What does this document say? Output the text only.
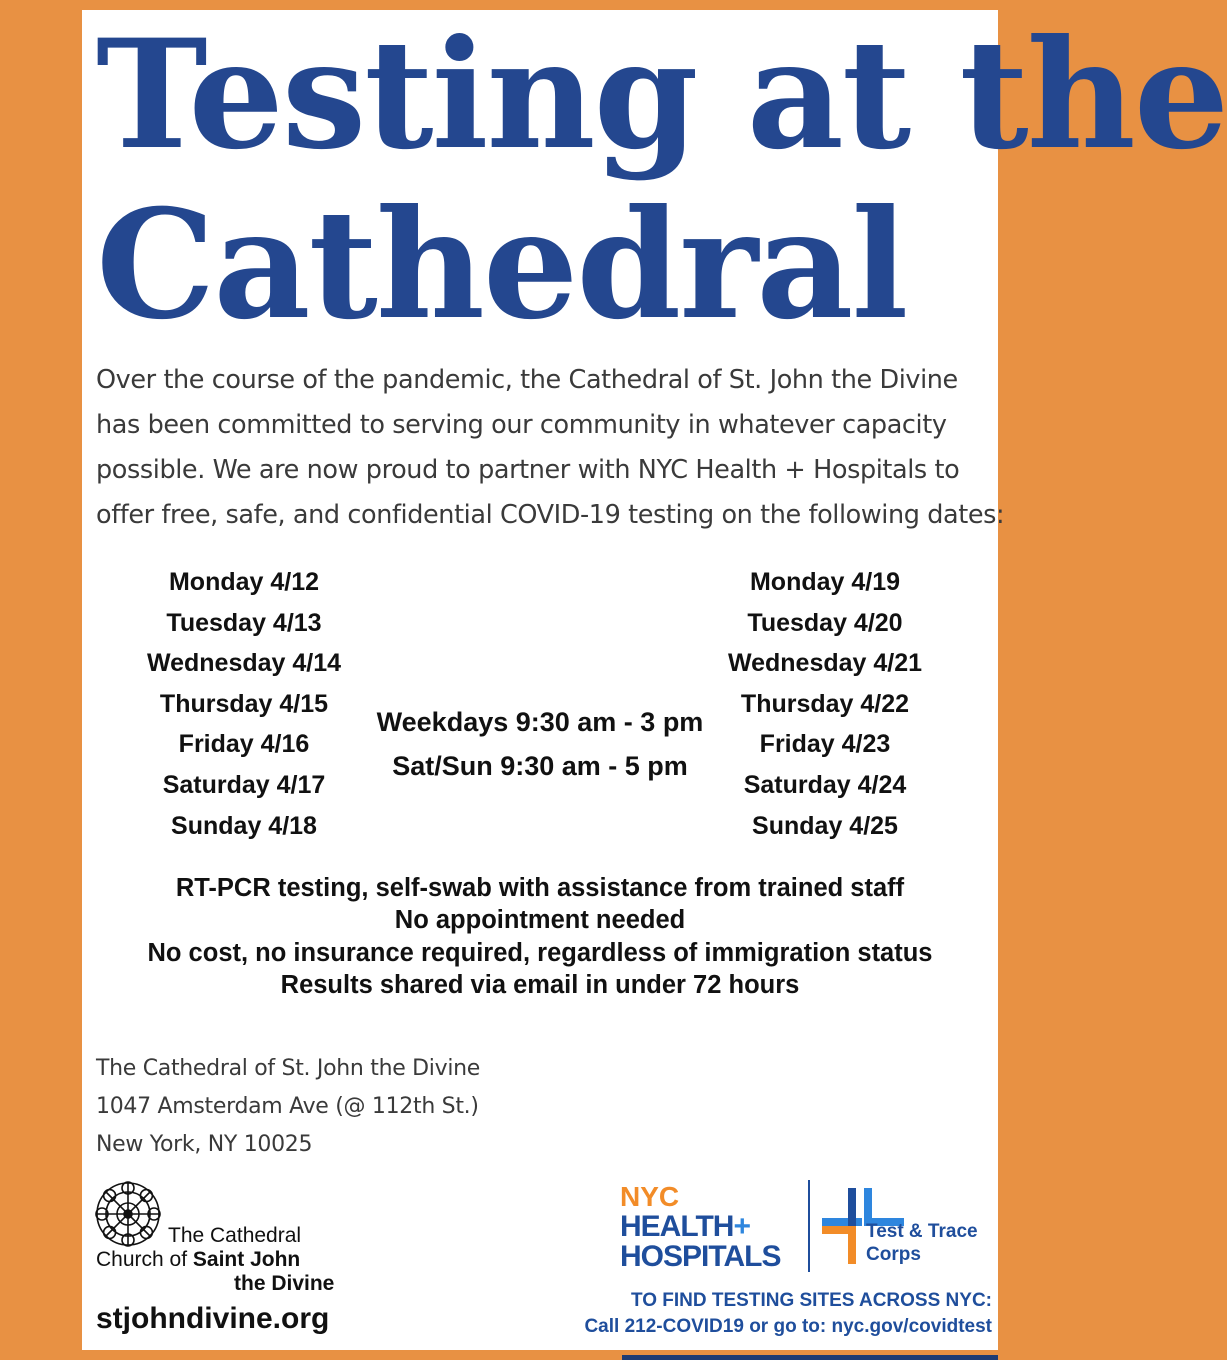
Testing at the
Cathedral

Over the course of the pandemic, the Cathedral of St. John the Divine
has been committed to serving our community in whatever capacity
possible. We are now proud to partner with NYC Health + Hospitals to
offer free, safe, and confidential COVID-19 testing on the following dates:

Monday 4/12
Tuesday 4/13
Wednesday 4/14
Thursday 4/15
Friday 4/16
Saturday 4/17
Sunday 4/18
Weekdays 9:30 am - 3 pm
Sat/Sun 9:30 am - 5 pm
Monday 4/19
Tuesday 4/20
Wednesday 4/21
Thursday 4/22
Friday 4/23
Saturday 4/24
Sunday 4/25
RT-PCR testing, self-swab with assistance from trained staff
No appointment needed
No cost, no insurance required, regardless of immigration status
Results shared via email in under 72 hours
The Cathedral of St. John the Divine
1047 Amsterdam Ave (@ 112th St.)
New York, NY 10025
The Cathedral
Church of Saint John
the Divine
stjohndivine.org
NYC
HEALTH+
HOSPITALS
Test & Trace
Corps
TO FIND TESTING SITES ACROSS NYC:
Call 212-COVID19 or go to: nyc.gov/covidtest
